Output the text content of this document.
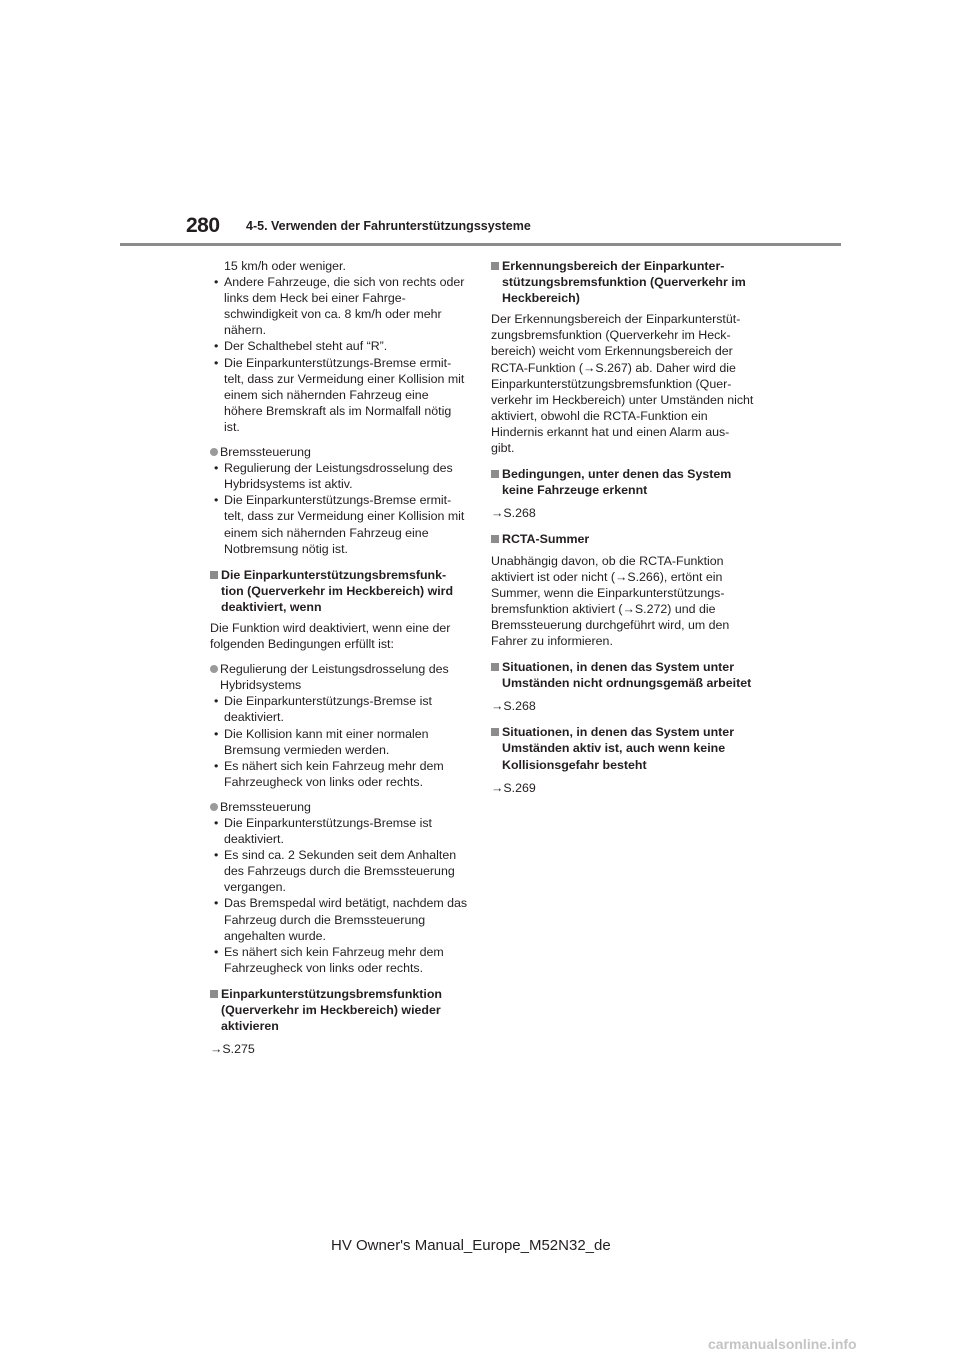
280 4-5. Verwenden der Fahrunterstützungssysteme
15 km/h oder weniger.
• Andere Fahrzeuge, die sich von rechts oder links dem Heck bei einer Fahrge- schwindigkeit von ca. 8 km/h oder mehr nähern.
• Der Schalthebel steht auf “R”.
• Die Einparkunterstützungs-Bremse ermit- telt, dass zur Vermeidung einer Kollision mit einem sich nähernden Fahrzeug eine höhere Bremskraft als im Normalfall nötig ist.
Bremssteuerung
• Regulierung der Leistungsdrosselung des Hybridsystems ist aktiv.
• Die Einparkunterstützungs-Bremse ermit- telt, dass zur Vermeidung einer Kollision mit einem sich nähernden Fahrzeug eine Notbremsung nötig ist.
Die Einparkunterstützungsbremsfunk- tion (Querverkehr im Heckbereich) wird deaktiviert, wenn
Die Funktion wird deaktiviert, wenn eine der folgenden Bedingungen erfüllt ist:
Regulierung der Leistungsdrosselung des Hybridsystems
• Die Einparkunterstützungs-Bremse ist deaktiviert.
• Die Kollision kann mit einer normalen Bremsung vermieden werden.
• Es nähert sich kein Fahrzeug mehr dem Fahrzeugheck von links oder rechts.
Bremssteuerung
• Die Einparkunterstützungs-Bremse ist deaktiviert.
• Es sind ca. 2 Sekunden seit dem Anhalten des Fahrzeugs durch die Bremssteuerung vergangen.
• Das Bremspedal wird betätigt, nachdem das Fahrzeug durch die Bremssteuerung angehalten wurde.
• Es nähert sich kein Fahrzeug mehr dem Fahrzeugheck von links oder rechts.
Einparkunterstützungsbremsfunktion (Querverkehr im Heckbereich) wieder aktivieren
→S.275
Erkennungsbereich der Einparkunter- stützungsbremsfunktion (Querverkehr im Heckbereich)
Der Erkennungsbereich der Einparkunterstüt- zungsbremsfunktion (Querverkehr im Heck- bereich) weicht vom Erkennungsbereich der RCTA-Funktion (→S.267) ab. Daher wird die Einparkunterstützungsbremsfunktion (Quer- verkehr im Heckbereich) unter Umständen nicht aktiviert, obwohl die RCTA-Funktion ein Hindernis erkannt hat und einen Alarm aus- gibt.
Bedingungen, unter denen das System keine Fahrzeuge erkennt
→S.268
RCTA-Summer
Unabhängig davon, ob die RCTA-Funktion aktiviert ist oder nicht (→S.266), ertönt ein Summer, wenn die Einparkunterstützungs- bremsfunktion aktiviert (→S.272) und die Bremssteuerung durchgeführt wird, um den Fahrer zu informieren.
Situationen, in denen das System unter Umständen nicht ordnungsgemäß arbeitet
→S.268
Situationen, in denen das System unter Umständen aktiv ist, auch wenn keine Kollisionsgefahr besteht
→S.269
HV Owner's Manual_Europe_M52N32_de
carmanualsonline.info
